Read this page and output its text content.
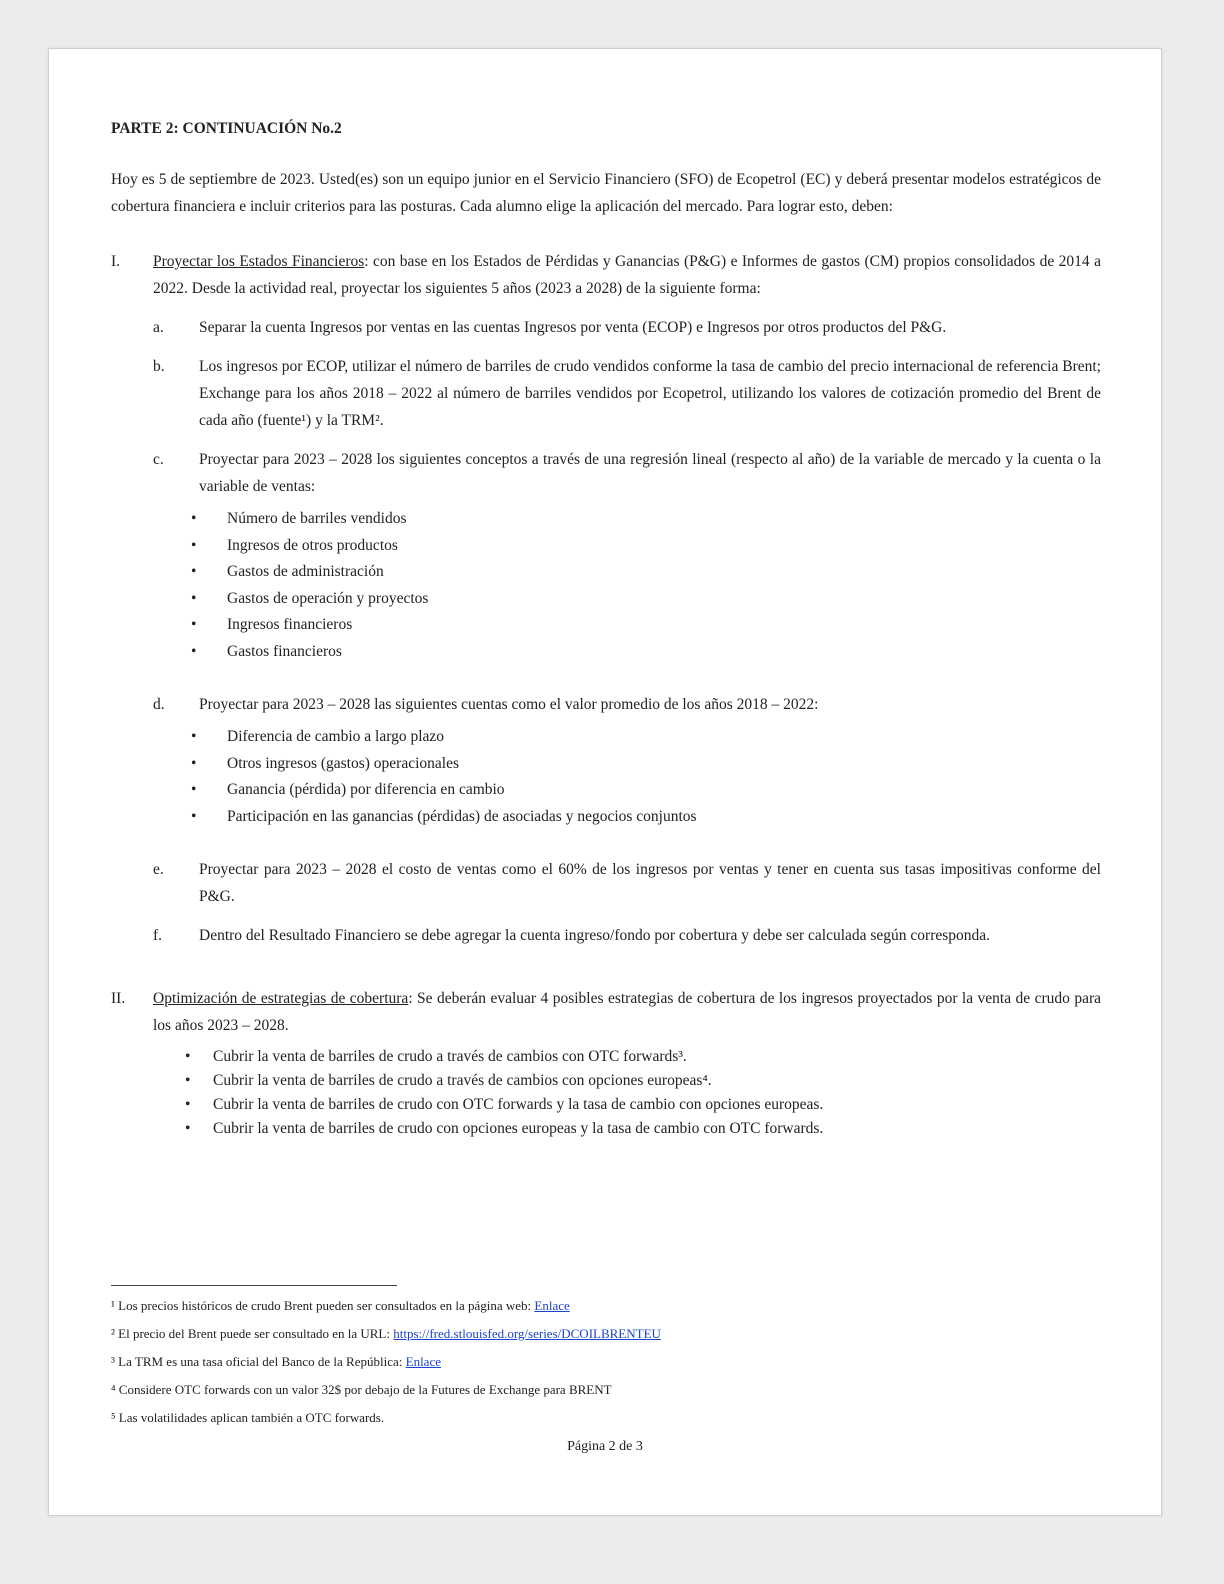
PARTE 2: CONTINUACIÓN No.2

Hoy es 5 de septiembre de 2023. Usted(es) son un equipo junior en el Servicio Financiero (SFO) de Ecopetrol (EC) y deberá presentar modelos estratégicos de cobertura financiera e incluir criterios para las posturas. Cada alumno elige la aplicación del mercado. Para lograr esto, deben:

I.	Proyectar los Estados Financieros: con base en los Estados de Pérdidas y Ganancias (P&G) e Informes de gastos (CM) propios consolidados de 2014 a 2022. Desde la actividad real, proyectar los siguientes 5 años (2023 a 2028) de la siguiente forma:
a.	Separar la cuenta Ingresos por ventas en las cuentas Ingresos por venta (ECOP) e Ingresos por otros productos del P&G.
b.	Los ingresos por ECOP, utilizar el número de barriles de crudo vendidos conforme la tasa de cambio del precio internacional de referencia Brent; Exchange para los años 2018 – 2022 al número de barriles vendidos por Ecopetrol, utilizando los valores de cotización promedio del Brent de cada año (fuente¹) y la TRM².
c.	Proyectar para 2023 – 2028 los siguientes conceptos a través de una regresión lineal (respecto al año) de la variable de mercado y la cuenta o la variable de ventas:
• Número de barriles vendidos
• Ingresos de otros productos
• Gastos de administración
• Gastos de operación y proyectos
• Ingresos financieros
• Gastos financieros
d.	Proyectar para 2023 – 2028 las siguientes cuentas como el valor promedio de los años 2018 – 2022:
• Diferencia de cambio a largo plazo
• Otros ingresos (gastos) operacionales
• Ganancia (pérdida) por diferencia en cambio
• Participación en las ganancias (pérdidas) de asociadas y negocios conjuntos
e.	Proyectar para 2023 – 2028 el costo de ventas como el 60% de los ingresos por ventas y tener en cuenta sus tasas impositivas conforme del P&G.
f.	Dentro del Resultado Financiero se debe agregar la cuenta ingreso/fondo por cobertura y debe ser calculada según corresponda.
II.	Optimización de estrategias de cobertura: Se deberán evaluar 4 posibles estrategias de cobertura de los ingresos proyectados por la venta de crudo para los años 2023 – 2028.
• Cubrir la venta de barriles de crudo a través de cambios con OTC forwards³.
• Cubrir la venta de barriles de crudo a través de cambios con opciones europeas⁴.
• Cubrir la venta de barriles de crudo con OTC forwards y la tasa de cambio con opciones europeas.
• Cubrir la venta de barriles de crudo con opciones europeas y la tasa de cambio con OTC forwards.
¹ Los precios históricos de crudo Brent pueden ser consultados en la página web: Enlace
² El precio del Brent puede ser consultado en la URL: https://fred.stlouisfed.org/series/DCOILBRENTEU
³ La TRM es una tasa oficial del Banco de la República: Enlace
⁴ Considere OTC forwards con un valor 32$ por debajo de la Futures de Exchange para BRENT
⁵ Las volatilidades aplican también a OTC forwards.
Página 2 de 3
